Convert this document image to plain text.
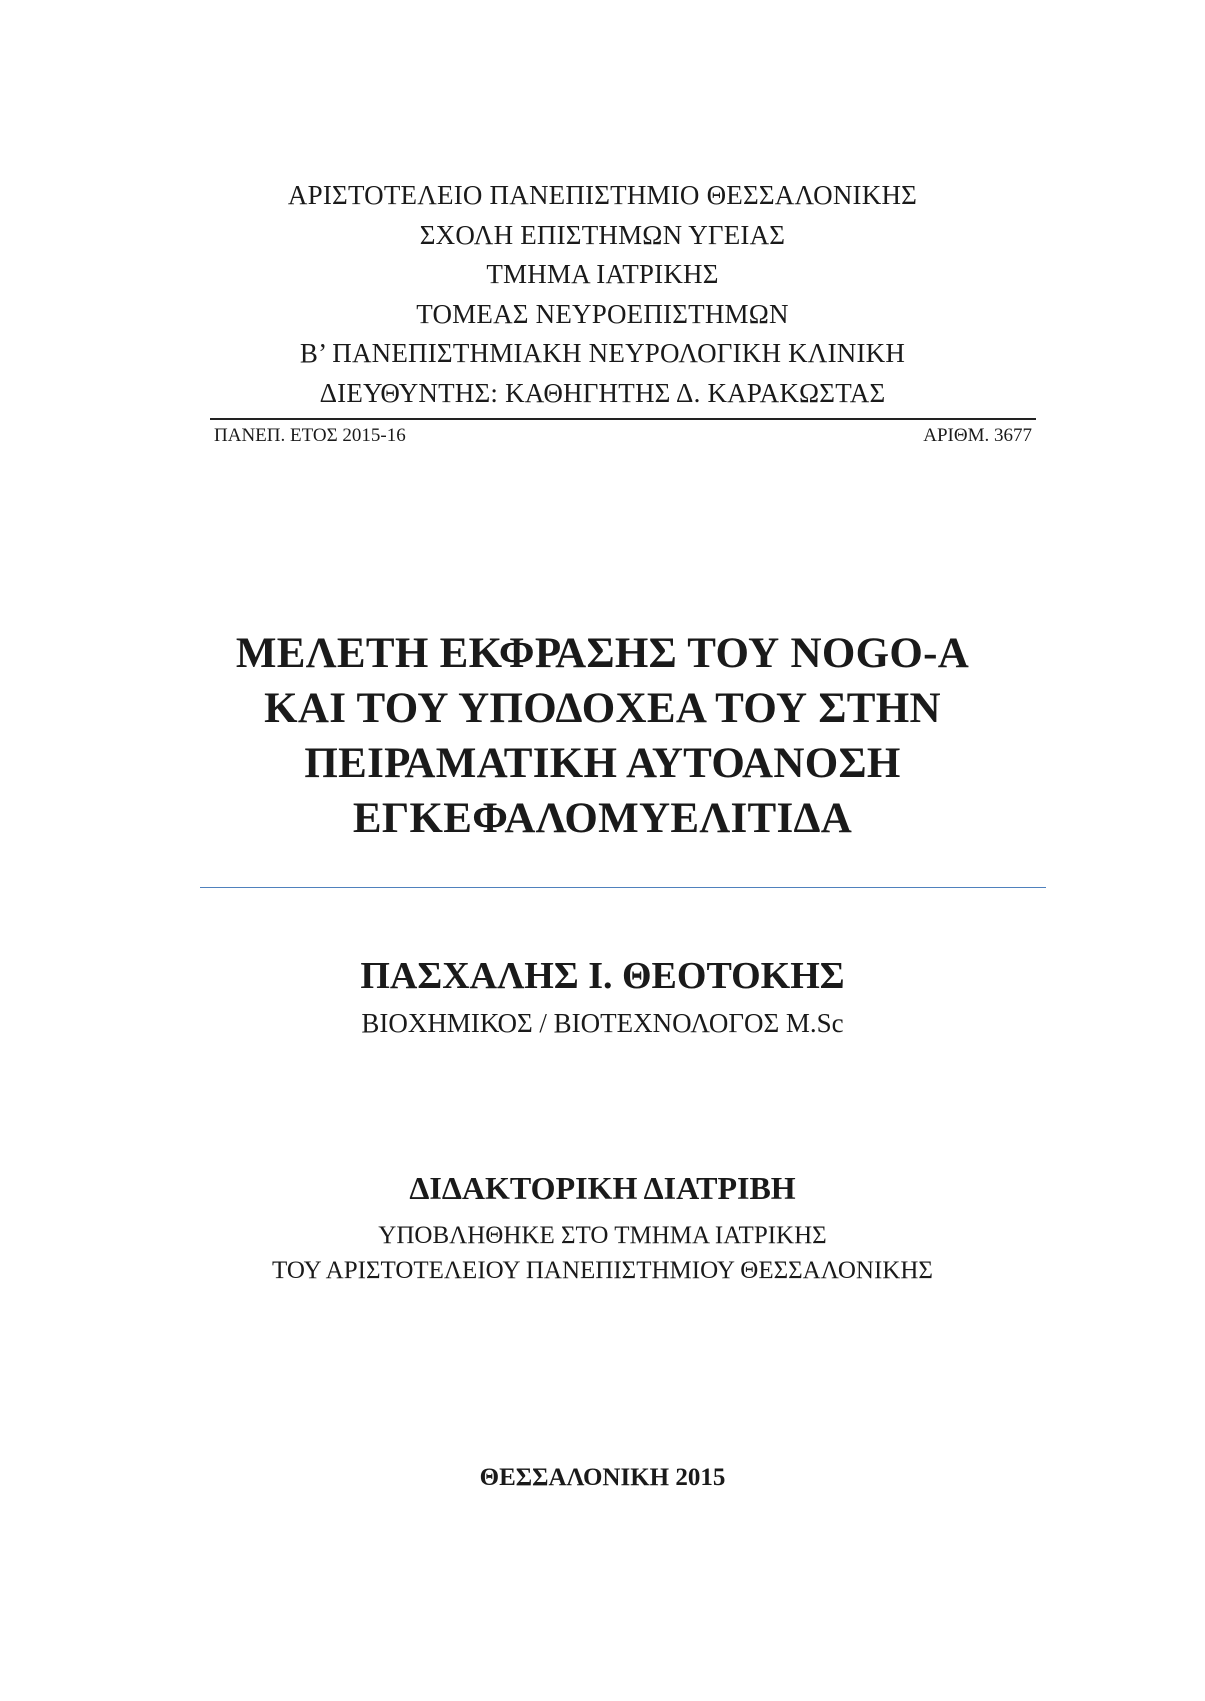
ΑΡΙΣΤΟΤΕΛΕΙΟ ΠΑΝΕΠΙΣΤΗΜΙΟ ΘΕΣΣΑΛΟΝΙΚΗΣ
ΣΧΟΛΗ ΕΠΙΣΤΗΜΩΝ ΥΓΕΙΑΣ
ΤΜΗΜΑ ΙΑΤΡΙΚΗΣ
ΤΟΜΕΑΣ ΝΕΥΡΟΕΠΙΣΤΗΜΩΝ
Β’ ΠΑΝΕΠΙΣΤΗΜΙΑΚΗ ΝΕΥΡΟΛΟΓΙΚΗ ΚΛΙΝΙΚΗ
ΔΙΕΥΘΥΝΤΗΣ: ΚΑΘΗΓΗΤΗΣ Δ. ΚΑΡΑΚΩΣΤΑΣ
ΠΑΝΕΠ. ΕΤΟΣ 2015-16	ΑΡΙΘΜ. 3677
ΜΕΛΕΤΗ ΕΚΦΡΑΣΗΣ ΤΟΥ NOGO-A
ΚΑΙ ΤΟΥ ΥΠΟΔΟΧΕΑ ΤΟΥ ΣΤΗΝ
ΠΕΙΡΑΜΑΤΙΚΗ ΑΥΤΟΑΝΟΣΗ
ΕΓΚΕΦΑΛΟΜΥΕΛΙΤΙΔΑ
ΠΑΣΧΑΛΗΣ Ι. ΘΕΟΤΟΚΗΣ
ΒΙΟΧΗΜΙΚΟΣ / ΒΙΟΤΕΧΝΟΛΟΓΟΣ M.Sc
ΔΙΔΑΚΤΟΡΙΚΗ ΔΙΑΤΡΙΒΗ
ΥΠΟΒΛΗΘΗΚΕ ΣΤΟ ΤΜΗΜΑ ΙΑΤΡΙΚΗΣ
ΤΟΥ ΑΡΙΣΤΟΤΕΛΕΙΟΥ ΠΑΝΕΠΙΣΤΗΜΙΟΥ ΘΕΣΣΑΛΟΝΙΚΗΣ
ΘΕΣΣΑΛΟΝΙΚΗ 2015
